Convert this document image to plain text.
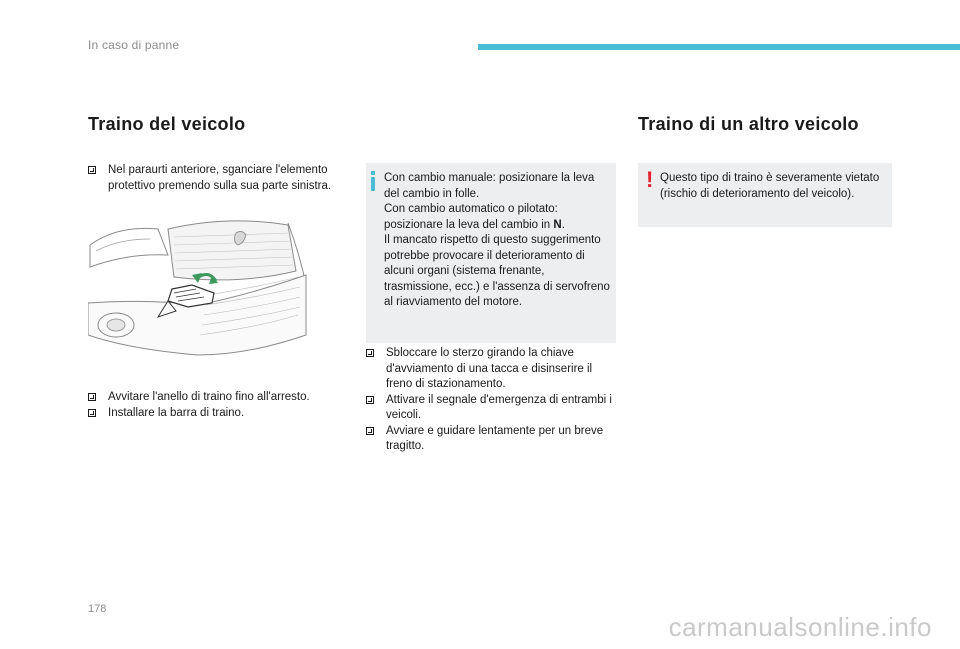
In caso di panne
Traino del veicolo	Traino di un altro veicolo
Nel paraurti anteriore, sganciare l'elemento protettivo premendo sulla sua parte sinistra.
Avvitare l'anello di traino fino all'arresto.
Installare la barra di traino.

Con cambio manuale: posizionare la leva del cambio in folle.

Con cambio automatico o pilotato: posizionare la leva del cambio in N.

Il mancato rispetto di questo suggerimento potrebbe provocare il deterioramento di alcuni organi (sistema frenante, trasmissione, ecc.) e l'assenza di servofreno al riavviamento del motore.

Sbloccare lo sterzo girando la chiave d'avviamento di una tacca e disinserire il freno di stazionamento.
Attivare il segnale d'emergenza di entrambi i veicoli.
Avviare e guidare lentamente per un breve tragitto.
! Questo tipo di traino è severamente vietato (rischio di deterioramento del veicolo).

178
carmanualsonline.info
